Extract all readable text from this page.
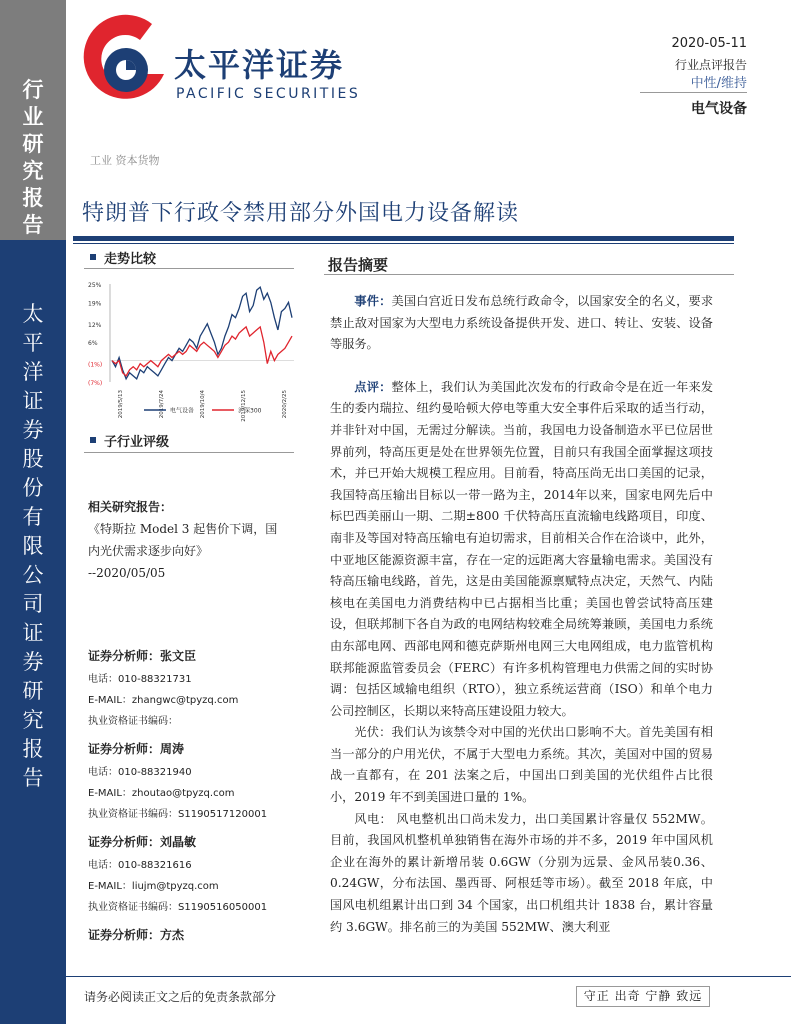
行
业
研
究
报
告
太
平
洋
证
券
股
份
有
限
公
司
证
券
研
究
报
告
太平洋证券
PACIFIC SECURITIES
2020-05-11
行业点评报告
中性/维持
电气设备
工业 资本货物
特朗普下行政令禁用部分外国电力设备解读
走势比较
25%
19%
12%
6%
(1%)
(7%)
2019/5/13	2019/7/24	2019/10/4	2019/12/15	2020/2/25
电气设备	沪深300
子行业评级
相关研究报告：
《特斯拉 Model 3 起售价下调，国
内光伏需求逐步向好》
--2020/05/05
证券分析师：张文臣
电话：010-88321731
E-MAIL：zhangwc@tpyzq.com
执业资格证书编码：
证券分析师：周涛
电话：010-88321940
E-MAIL：zhoutao@tpyzq.com
执业资格证书编码：S1190517120001
证券分析师：刘晶敏
电话：010-88321616
E-MAIL：liujm@tpyzq.com
执业资格证书编码：S1190516050001
证券分析师：方杰
报告摘要

事件：美国白宫近日发布总统行政命令，以国家安全的名义，要求禁止敌对国家为大型电力系统设备提供开发、进口、转让、安装、设备等服务。

点评：整体上，我们认为美国此次发布的行政命令是在近一年来发生的委内瑞拉、纽约曼哈顿大停电等重大安全事件后采取的适当行动，并非针对中国，无需过分解读。当前，我国电力设备制造水平已位居世界前列，特高压更是处在世界领先位置，目前只有我国全面掌握这项技术，并已开始大规模工程应用。目前看，特高压尚无出口美国的记录，我国特高压输出目标以一带一路为主，2014年以来，国家电网先后中标巴西美丽山一期、二期±800 千伏特高压直流输电线路项目，印度、南非及等国对特高压输电有迫切需求，目前相关合作在洽谈中，此外，中亚地区能源资源丰富，存在一定的远距离大容量输电需求。美国没有特高压输电线路，首先，这是由美国能源禀赋特点决定，天然气、内陆核电在美国电力消费结构中已占据相当比重；美国也曾尝试特高压建设，但联邦制下各自为政的电网结构较难全局统筹兼顾，美国电力系统由东部电网、西部电网和德克萨斯州电网三大电网组成，电力监管机构联邦能源监管委员会（FERC）有许多机构管理电力供需之间的实时协调：包括区域输电组织（RTO），独立系统运营商（ISO）和单个电力公司控制区，长期以来特高压建设阻力较大。

光伏：我们认为该禁令对中国的光伏出口影响不大。首先美国有相当一部分的户用光伏，不属于大型电力系统。其次，美国对中国的贸易战一直都有，在 201 法案之后，中国出口到美国的光伏组件占比很小，2019 年不到美国进口量的 1%。

风电： 风电整机出口尚未发力，出口美国累计容量仅 552MW。目前，我国风机整机单独销售在海外市场的并不多，2019 年中国风机企业在海外的累计新增吊装 0.6GW（分别为远景、金风吊装0.36、0.24GW，分布法国、墨西哥、阿根廷等市场）。截至 2018 年底，中国风电机组累计出口到 34 个国家，出口机组共计 1838 台，累计容量约 3.6GW。排名前三的为美国 552MW、澳大利亚

请务必阅读正文之后的免责条款部分	守正 出奇 宁静 致远
